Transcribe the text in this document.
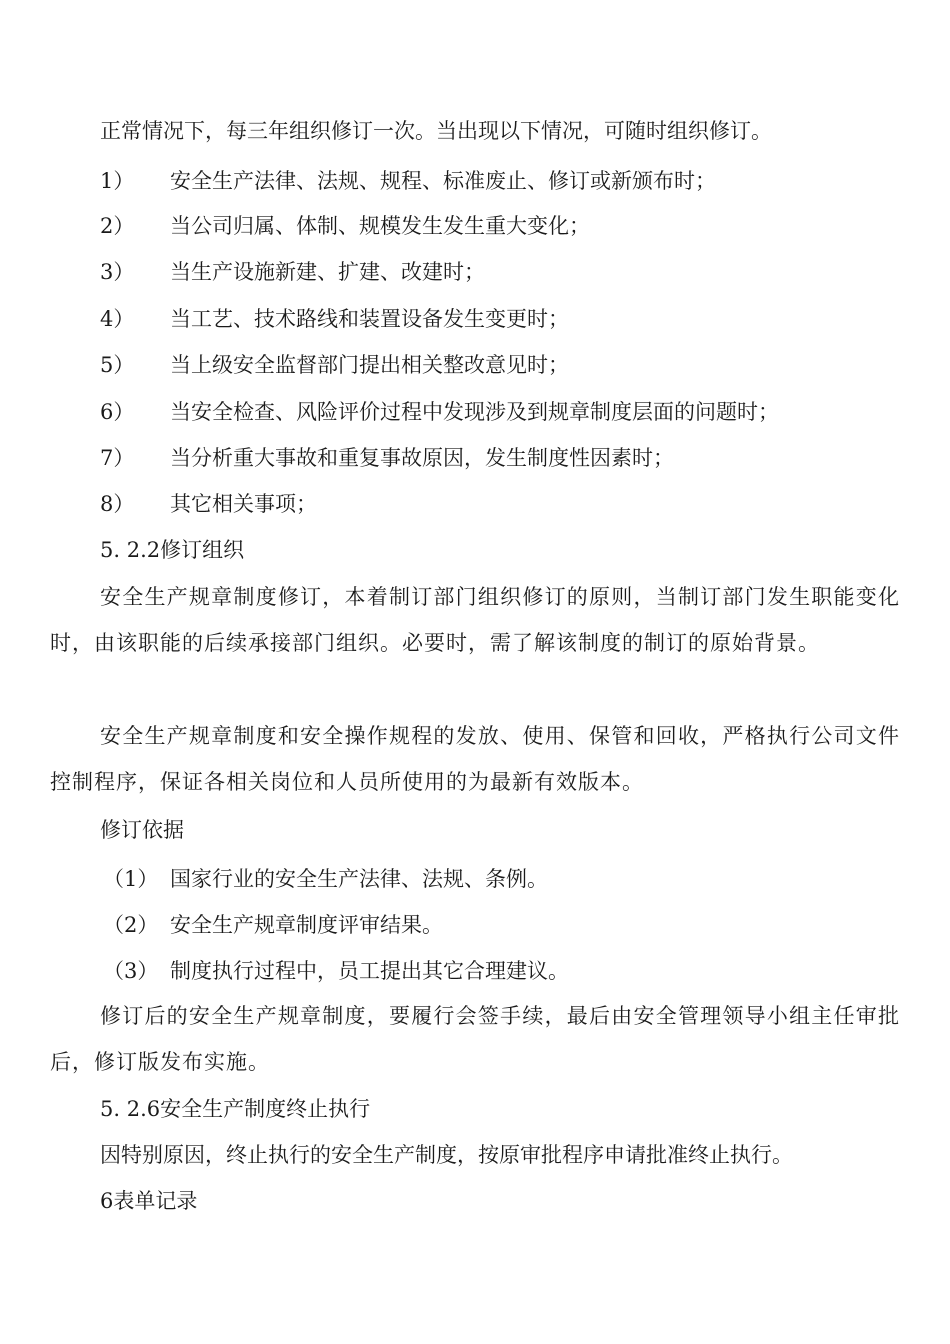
正常情况下，每三年组织修订一次。当出现以下情况，可随时组织修订。
1） 安全生产法律、法规、规程、标准废止、修订或新颁布时；
2） 当公司归属、体制、规模发生发生重大变化；
3） 当生产设施新建、扩建、改建时；
4） 当工艺、技术路线和装置设备发生变更时；
5） 当上级安全监督部门提出相关整改意见时；
6） 当安全检查、风险评价过程中发现涉及到规章制度层面的问题时；
7） 当分析重大事故和重复事故原因，发生制度性因素时；
8） 其它相关事项；
5. 2.2修订组织
安全生产规章制度修订，本着制订部门组织修订的原则，当制订部门发生职能变化时，由该职能的后续承接部门组织。必要时，需了解该制度的制订的原始背景。
安全生产规章制度和安全操作规程的发放、使用、保管和回收，严格执行公司文件控制程序，保证各相关岗位和人员所使用的为最新有效版本。
修订依据
（1） 国家行业的安全生产法律、法规、条例。
（2） 安全生产规章制度评审结果。
（3） 制度执行过程中，员工提出其它合理建议。
修订后的安全生产规章制度，要履行会签手续，最后由安全管理领导小组主任审批后，修订版发布实施。
5. 2.6安全生产制度终止执行
因特别原因，终止执行的安全生产制度，按原审批程序申请批准终止执行。
6表单记录
